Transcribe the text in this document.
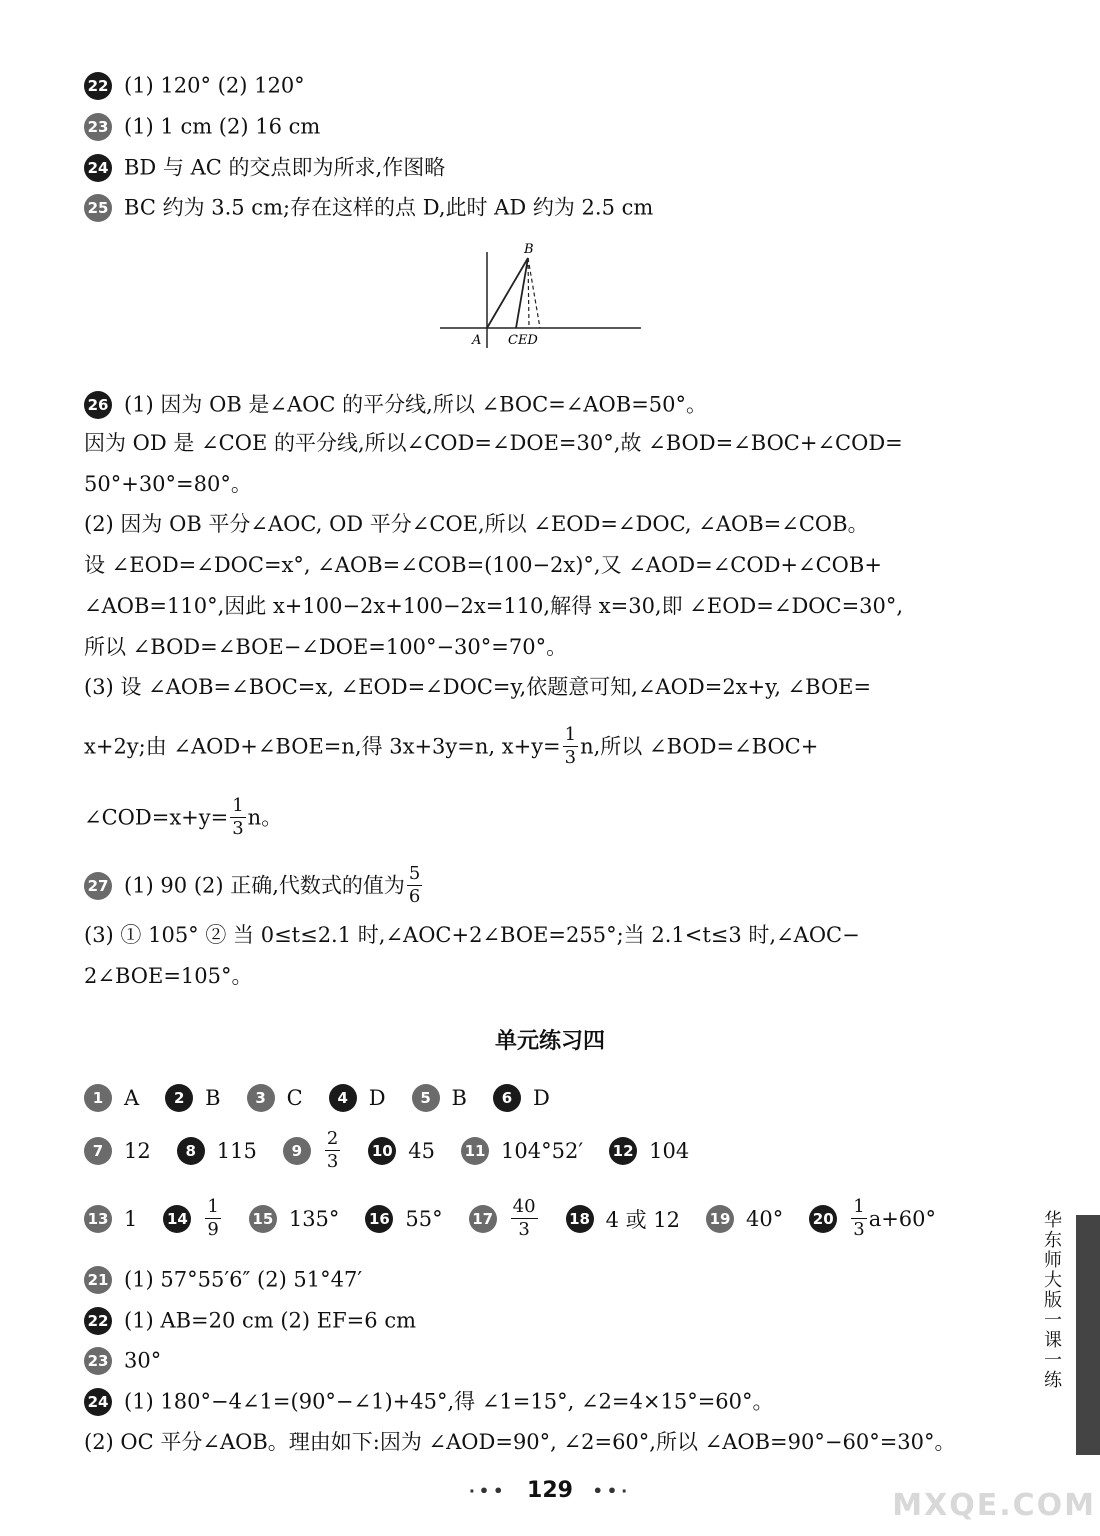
22 (1) 120° (2) 120°
23 (1) 1 cm (2) 16 cm
24 BD 与 AC 的交点即为所求,作图略
25 BC 约为 3.5 cm;存在这样的点 D,此时 AD 约为 2.5 cm
B
A CED
26 (1) 因为 OB 是∠AOC 的平分线,所以 ∠BOC=∠AOB=50°。
因为 OD 是 ∠COE 的平分线,所以∠COD=∠DOE=30°,故 ∠BOD=∠BOC+∠COD=
50°+30°=80°。
(2) 因为 OB 平分∠AOC, OD 平分∠COE,所以 ∠EOD=∠DOC, ∠AOB=∠COB。
设 ∠EOD=∠DOC=x°, ∠AOB=∠COB=(100−2x)°,又 ∠AOD=∠COD+∠COB+
∠AOB=110°,因此 x+100−2x+100−2x=110,解得 x=30,即 ∠EOD=∠DOC=30°,
所以 ∠BOD=∠BOE−∠DOE=100°−30°=70°。
(3) 设 ∠AOB=∠BOC=x, ∠EOD=∠DOC=y,依题意可知,∠AOD=2x+y, ∠BOE=
x+2y;由 ∠AOD+∠BOE=n,得 3x+3y=n, $x+y= \frac{1}{3} n$,所以 ∠BOD=∠BOC+
∠COD=x+y= $\frac{1}{3}$ n。
27 (1) 90 (2) 正确,代数式的值为 $\frac{5}{6}$
(3) ① 105° ② 当 0≤t≤2.1 时,∠AOC+2∠BOE=255°;当 2.1<t≤3 时,∠AOC−
2∠BOE=105°。
单元练习四
1 A	2 B	3 C	4 D	5 B	6 D
7 12	8 115	9	$\frac{2}{3} 10$ 45 11 104°52′ 12 104
13 1 $14 \frac{1}{9} 15$ 135° 16 55° $17 \frac{40}{3} 18$ 4 或 12 19 40° $20 \frac{1}{3} a+60^\circ$
21 (1) 57°55′6″ (2) 51°47′
22 (1) AB=20 cm (2) EF=6 cm
23 30°
24 (1) 180°−4∠1=(90°−∠1)+45°,得 ∠1=15°, ∠2=4×15°=60°。
(2) OC 平分∠AOB。理由如下:因为 ∠AOD=90°, ∠2=60°,所以 ∠AOB=90°−60°=30°。
华东师大版一课一练
·•• 129 ••·	MXQE.COM
